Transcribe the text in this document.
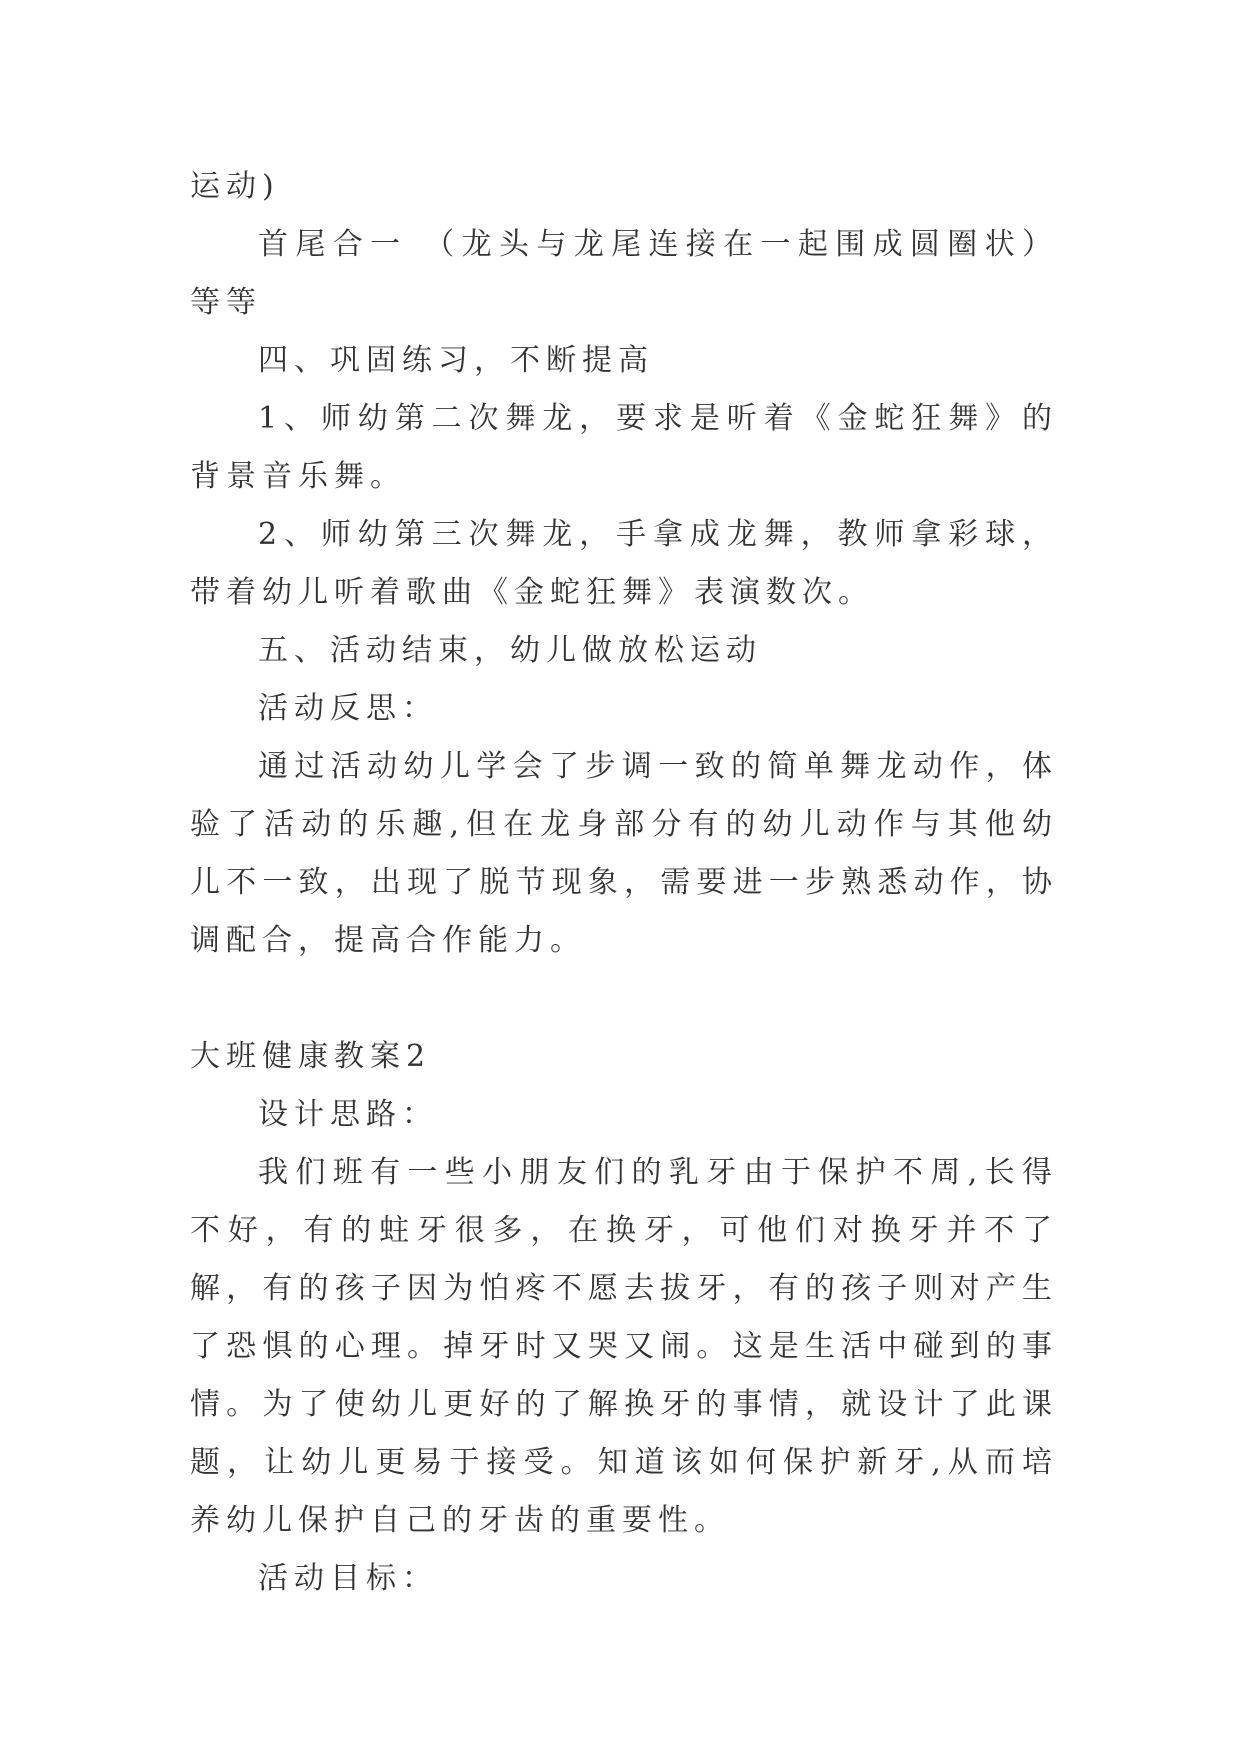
运动)

首尾合一 （龙头与龙尾连接在一起围成圆圈状） 等等

四、巩固练习，不断提高

1、师幼第二次舞龙，要求是听着《金蛇狂舞》的背景音乐舞。

2、师幼第三次舞龙，手拿成龙舞，教师拿彩球，带着幼儿听着歌曲《金蛇狂舞》表演数次。

五、活动结束，幼儿做放松运动

活动反思：

通过活动幼儿学会了步调一致的简单舞龙动作，体验了活动的乐趣,但在龙身部分有的幼儿动作与其他幼儿不一致，出现了脱节现象，需要进一步熟悉动作，协调配合，提高合作能力。

大班健康教案2

设计思路：

我们班有一些小朋友们的乳牙由于保护不周,长得不好，有的蛀牙很多，在换牙，可他们对换牙并不了解，有的孩子因为怕疼不愿去拔牙，有的孩子则对产生了恐惧的心理。掉牙时又哭又闹。这是生活中碰到的事情。为了使幼儿更好的了解换牙的事情，就设计了此课题，让幼儿更易于接受。知道该如何保护新牙,从而培养幼儿保护自己的牙齿的重要性。

活动目标：
